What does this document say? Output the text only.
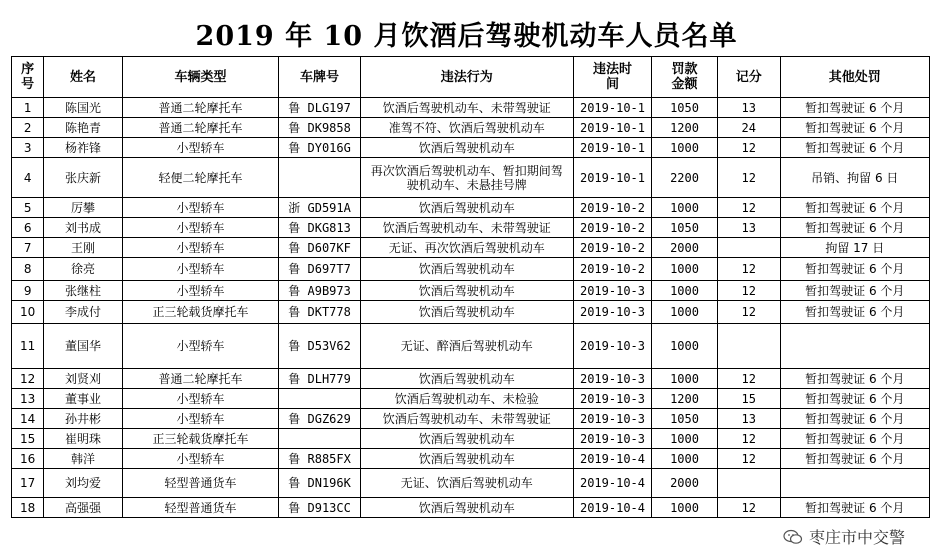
2019 年 10 月饮酒后驾驶机动车人员名单
序号	姓名	车辆类型	车牌号	违法行为	违法时间	罚款金额	记分	其他处罚
1	陈国光	普通二轮摩托车	鲁 DLG197	饮酒后驾驶机动车、未带驾驶证	2019-10-1	1050	13	暂扣驾驶证 6 个月
2	陈艳青	普通二轮摩托车	鲁 DK9858	准驾不符、饮酒后驾驶机动车	2019-10-1	1200	24	暂扣驾驶证 6 个月
3	杨祚锋	小型轿车	鲁 DY016G	饮酒后驾驶机动车	2019-10-1	1000	12	暂扣驾驶证 6 个月
4	张庆新	轻便二轮摩托车		再次饮酒后驾驶机动车、暂扣期间驾驶机动车、未悬挂号牌	2019-10-1	2200	12	吊销、拘留 6 日
5	厉攀	小型轿车	浙 GD591A	饮酒后驾驶机动车	2019-10-2	1000	12	暂扣驾驶证 6 个月
6	刘书成	小型轿车	鲁 DKG813	饮酒后驾驶机动车、未带驾驶证	2019-10-2	1050	13	暂扣驾驶证 6 个月
7	王刚	小型轿车	鲁 D607KF	无证、再次饮酒后驾驶机动车	2019-10-2	2000		拘留 17 日
8	徐亮	小型轿车	鲁 D697T7	饮酒后驾驶机动车	2019-10-2	1000	12	暂扣驾驶证 6 个月
9	张继柱	小型轿车	鲁 A9B973	饮酒后驾驶机动车	2019-10-3	1000	12	暂扣驾驶证 6 个月
10	李成付	正三轮载货摩托车	鲁 DKT778	饮酒后驾驶机动车	2019-10-3	1000	12	暂扣驾驶证 6 个月
11	董国华	小型轿车	鲁 D53V62	无证、醉酒后驾驶机动车	2019-10-3	1000		
12	刘贤刈	普通二轮摩托车	鲁 DLH779	饮酒后驾驶机动车	2019-10-3	1000	12	暂扣驾驶证 6 个月
13	董事业	小型轿车		饮酒后驾驶机动车、未检验	2019-10-3	1200	15	暂扣驾驶证 6 个月
14	孙井彬	小型轿车	鲁 DGZ629	饮酒后驾驶机动车、未带驾驶证	2019-10-3	1050	13	暂扣驾驶证 6 个月
15	崔明珠	正三轮载货摩托车		饮酒后驾驶机动车	2019-10-3	1000	12	暂扣驾驶证 6 个月
16	韩洋	小型轿车	鲁 R885FX	饮酒后驾驶机动车	2019-10-4	1000	12	暂扣驾驶证 6 个月
17	刘均爱	轻型普通货车	鲁 DN196K	无证、饮酒后驾驶机动车	2019-10-4	2000		
18	高强强	轻型普通货车	鲁 D913CC	饮酒后驾驶机动车	2019-10-4	1000	12	暂扣驾驶证 6 个月
枣庄市中交警
